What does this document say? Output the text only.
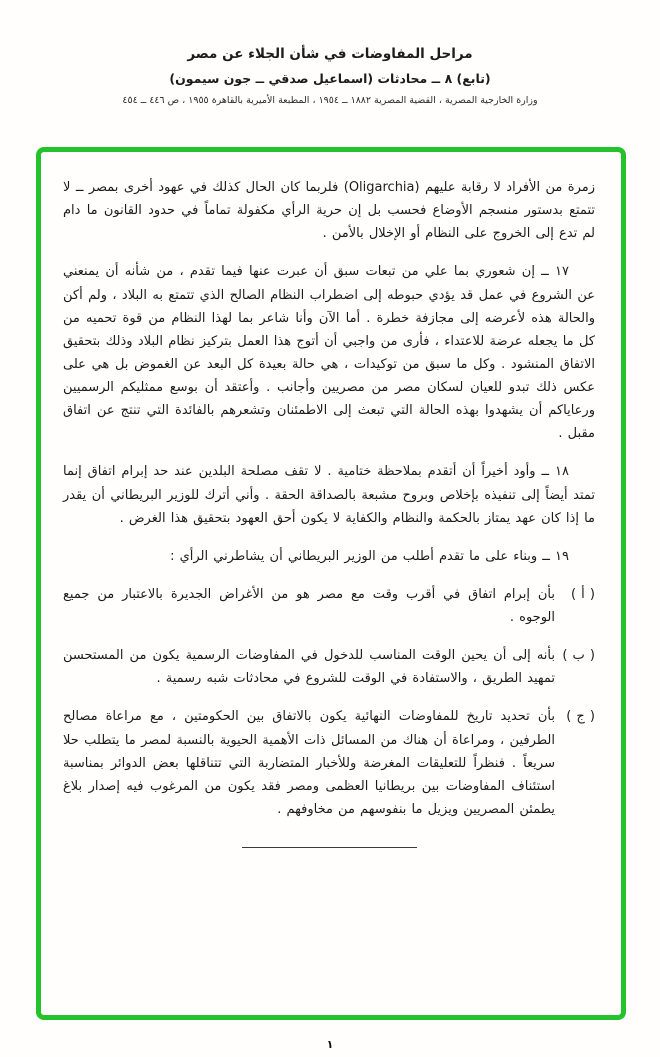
مراحل المفاوضات في شأن الجلاء عن مصر
(تابع) ٨ ــ محادثات (اسماعيل صدقي ــ جون سيمون)
وزارة الخارجية المصرية ، القضية المصرية ١٨٨٢ ــ ١٩٥٤ ، المطبعة الأميرية بالقاهرة ١٩٥٥ ، ص ٤٤٦ ــ ٤٥٤

زمرة من الأفراد لا رقابة عليهم (Oligarchia) فلربما كان الحال كذلك في عهود أخرى بمصر ــ لا تتمتع بدستور منسجم الأوضاع فحسب بل إن حرية الرأي مكفولة تماماً في حدود القانون ما دام لم تدع إلى الخروج على النظام أو الإخلال بالأمن .

١٧ ــ إن شعوري بما علي من تبعات سبق أن عبرت عنها فيما تقدم ، من شأنه أن يمنعني عن الشروع في عمل قد يؤدي حبوطه إلى اضطراب النظام الصالح الذي تتمتع به البلاد ، ولم أكن والحالة هذه لأعرضه إلى مجازفة خطرة . أما الآن وأنا شاعر بما لهذا النظام من قوة تحميه من كل ما يجعله عرضة للاعتداء ، فأرى من واجبي أن أتوج هذا العمل بتركيز نظام البلاد وذلك بتحقيق الاتفاق المنشود . وكل ما سبق من توكيدات ، هي حالة بعيدة كل البعد عن الغموض بل هي على عكس ذلك تبدو للعيان لسكان مصر من مصريين وأجانب . وأعتقد أن بوسع ممثليكم الرسميين ورعاياكم أن يشهدوا بهذه الحالة التي تبعث إلى الاطمئنان وتشعرهم بالفائدة التي تنتج عن اتفاق مقبل .

١٨ ــ وأود أخيراً أن أتقدم بملاحظة ختامية . لا تقف مصلحة البلدين عند حد إبرام اتفاق إنما تمتد أيضاً إلى تنفيذه بإخلاص وبروح مشبعة بالصداقة الحقة . وأني أترك للوزير البريطاني أن يقدر ما إذا كان عهد يمتاز بالحكمة والنظام والكفاية لا يكون أحق العهود بتحقيق هذا الغرض .

١٩ ــ وبناء على ما تقدم أطلب من الوزير البريطاني أن يشاطرني الرأي :

( أ )
بأن إبرام اتفاق في أقرب وقت مع مصر هو من الأغراض الجديرة بالاعتبار من جميع الوجوه .
( ب )
بأنه إلى أن يحين الوقت المناسب للدخول في المفاوضات الرسمية يكون من المستحسن تمهيد الطريق ، والاستفادة في الوقت للشروع في محادثات شبه رسمية .
( ج )
بأن تحديد تاريخ للمفاوضات النهائية يكون بالاتفاق بين الحكومتين ، مع مراعاة مصالح الطرفين ، ومراعاة أن هناك من المسائل ذات الأهمية الحيوية بالنسبة لمصر ما يتطلب حلا سريعاً . فنظراً للتعليقات المغرضة وللأخبار المتضاربة التي تتناقلها بعض الدوائر بمناسبة استئناف المفاوضات بين بريطانيا العظمى ومصر فقد يكون من المرغوب فيه إصدار بلاغ يطمئن المصريين ويزيل ما بنفوسهم من مخاوفهم .
١
